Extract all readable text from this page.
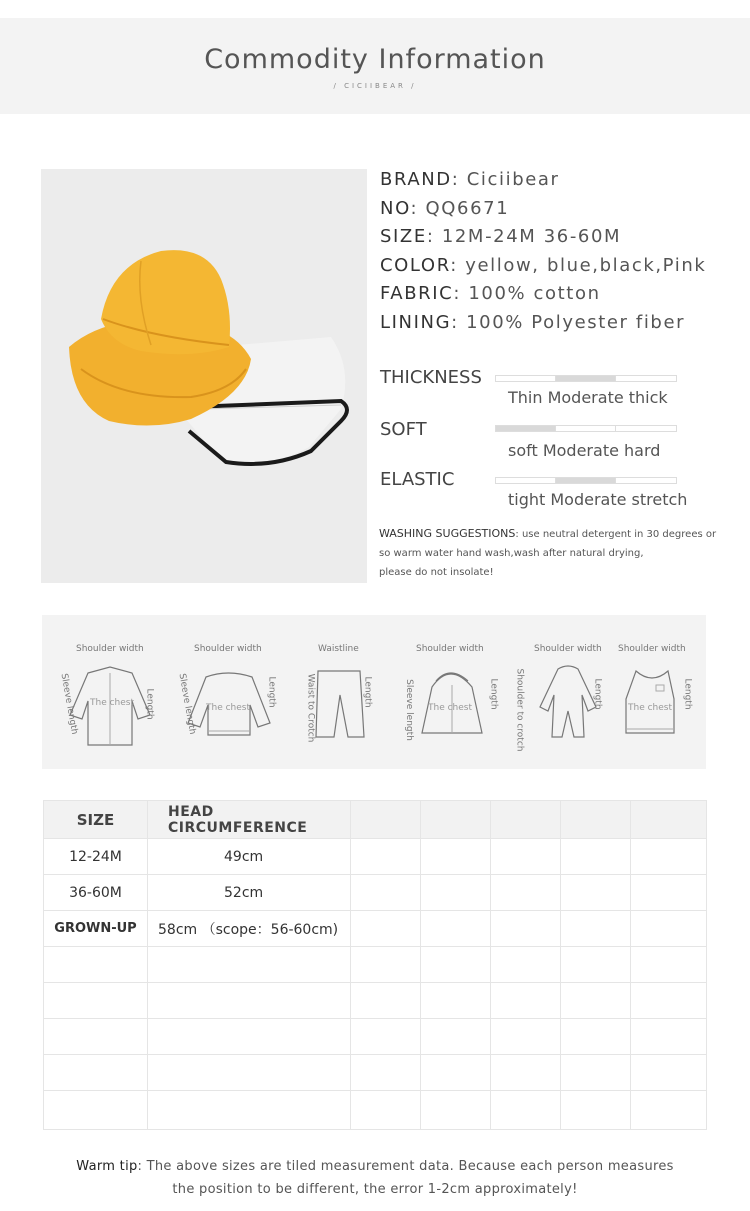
Commodity Information
/ CICIIBEAR /
BRAND: Ciciibear
NO: QQ6671
SIZE: 12M-24M 36-60M
COLOR: yellow, blue,black,Pink
FABRIC: 100% cotton
LINING: 100% Polyester fiber
THICKNESS
Thin Moderate thick
SOFT
soft Moderate hard
ELASTIC
tight Moderate stretch
WASHING SUGGESTIONS: use neutral detergent in 30 degrees or
so warm water hand wash,wash after natural drying,
please do not insolate!
Shoulder width
Sleeve length	Length
The chest
Shoulder width
Sleeve length	Length
The chest
Waistline
Waist to Crotch	Length
Shoulder width
Sleeve length	Length
The chest
Shoulder width
Shoulder to crotch	Length
Shoulder width
Length
The chest
SIZE	HEAD CIRCUMFERENCE					
12-24M	49cm					
36-60M	52cm					
GROWN-UP	58cm （scope：56-60cm)					

Warm tip: The above sizes are tiled measurement data. Because each person measures
the position to be different, the error 1-2cm approximately!
